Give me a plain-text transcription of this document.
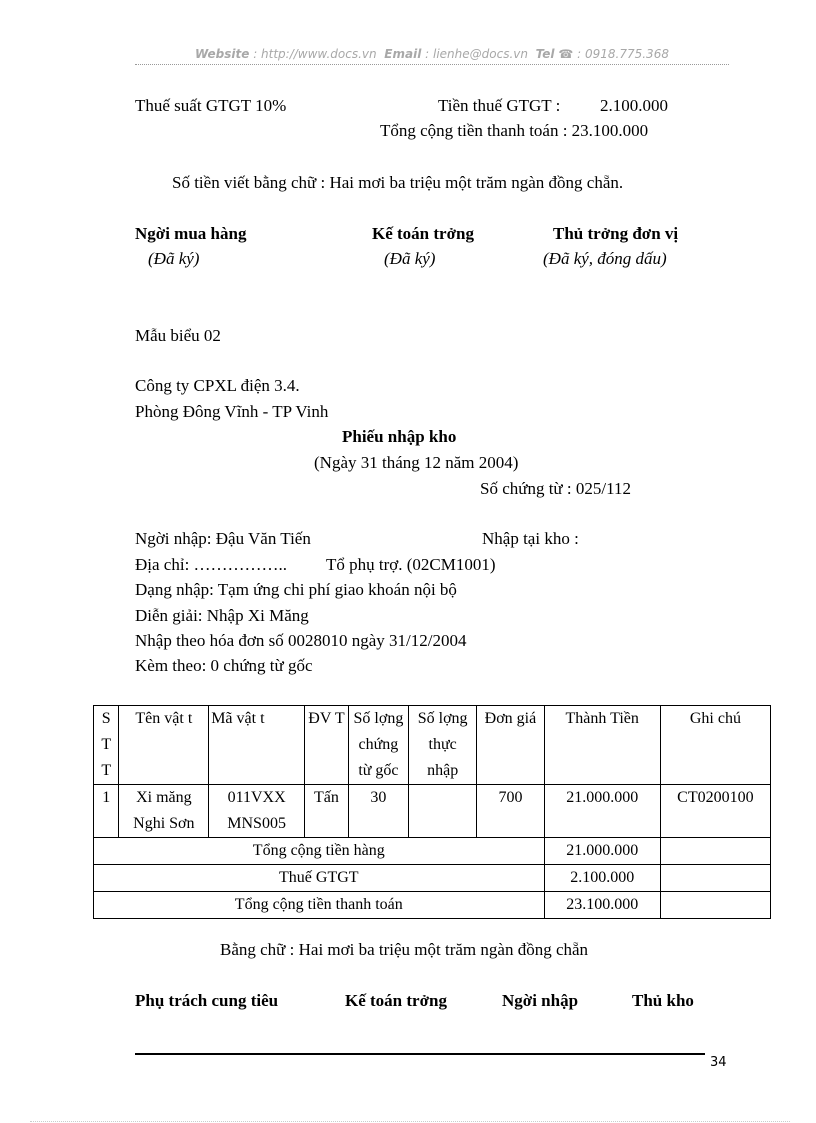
Website : http://www.docs.vn Email : lienhe@docs.vn Tel ☎ : 0918.775.368
Thuế suất GTGT 10%	Tiền thuế GTGT : 2.100.000
Tổng cộng tiền thanh toán : 23.100.000
Số tiền viết bằng chữ : Hai mơi ba triệu một trăm ngàn đồng chẵn.
Ngời mua hàng
(Đã ký)
Kế toán trởng
(Đã ký)
Thủ trởng đơn vị
(Đã ký, đóng dấu)
Mẫu biểu 02
Công ty CPXL điện 3.4.
Phòng Đông Vĩnh - TP Vinh
Phiếu nhập kho
(Ngày 31 tháng 12 năm 2004)
Số chứng từ : 025/112
Ngời nhập: Đậu Văn Tiến	Nhập tại kho :
Địa chỉ: …………….. Tổ phụ trợ. (02CM1001)
Dạng nhập: Tạm ứng chi phí giao khoán nội bộ
Diễn giải: Nhập Xi Măng
Nhập theo hóa đơn số 0028010 ngày 31/12/2004
Kèm theo: 0 chứng từ gốc
S T T	Tên vật t	Mã vật t	ĐV T	Số lợng chứng từ gốc	Số lợng thực nhập	Đơn giá	Thành Tiền	Ghi chú
1	Xi măng Nghi Sơn	011VXX MNS005	Tấn	30		700	21.000.000	CT0200100
Tổng cộng tiền hàng							21.000.000	
Thuế GTGT							2.100.000	
Tổng cộng tiền thanh toán							23.100.000	
Bằng chữ : Hai mơi ba triệu một trăm ngàn đồng chẵn
Phụ trách cung tiêu	Kế toán trởng	Ngời nhập	Thủ kho
34
